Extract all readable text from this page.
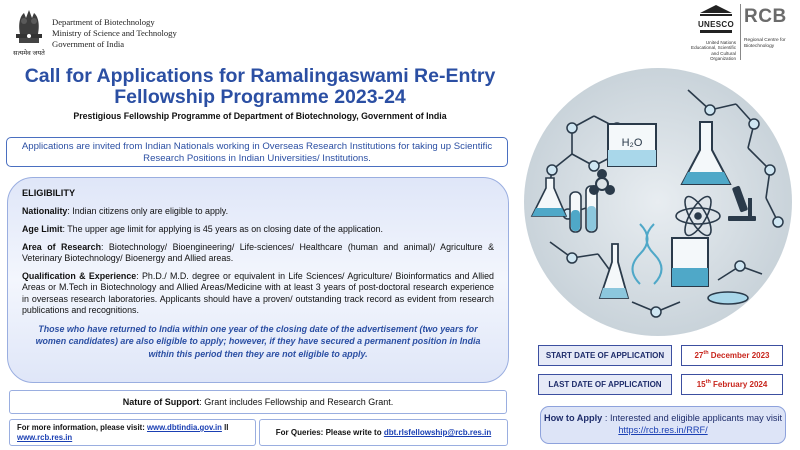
सत्यमेव जयते
Department of Biotechnology
Ministry of Science and Technology
Government of India
UNESCO
United Nations Educational, Scientific and Cultural Organization
RCB
Regional Centre for Biotechnology
Call for Applications for Ramalingaswami Re-Entry
Fellowship Programme 2023-24
Prestigious Fellowship Programme of Department of Biotechnology, Government of India
Applications are invited from Indian Nationals working in Overseas Research Institutions for taking up Scientific Research Positions in Indian Universities/ Institutions.
ELIGIBILITY

Nationality: Indian citizens only are eligible to apply.

Age Limit: The upper age limit for applying is 45 years as on closing date of the application.

Area of Research: Biotechnology/ Bioengineering/ Life-sciences/ Healthcare (human and animal)/ Agriculture & Veterinary Biotechnology/ Bioenergy and Allied areas.

Qualification & Experience: Ph.D./ M.D. degree or equivalent in Life Sciences/ Agriculture/ Bioinformatics and Allied Areas or M.Tech in Biotechnology and Allied Areas/Medicine with at least 3 years of post-doctoral research experience in overseas research laboratories. Applicants should have a proven/ outstanding track record as evident from research publications and recognitions.

Those who have returned to India within one year of the closing date of the advertisement (two years for women candidates) are also eligible to apply; however, if they have secured a permanent position in India within this period then they are not eligible to apply.

Nature of Support: Grant includes Fellowship and Research Grant.
For more information, please visit: www.dbtindia.gov.in ll
www.rcb.res.in
For Queries: Please write to dbt.rlsfellowship@rcb.res.in
H₂O
START DATE OF APPLICATION	27th December 2023
LAST DATE OF APPLICATION	15th February 2024
How to Apply : Interested and eligible applicants may visit https://rcb.res.in/RRF/
